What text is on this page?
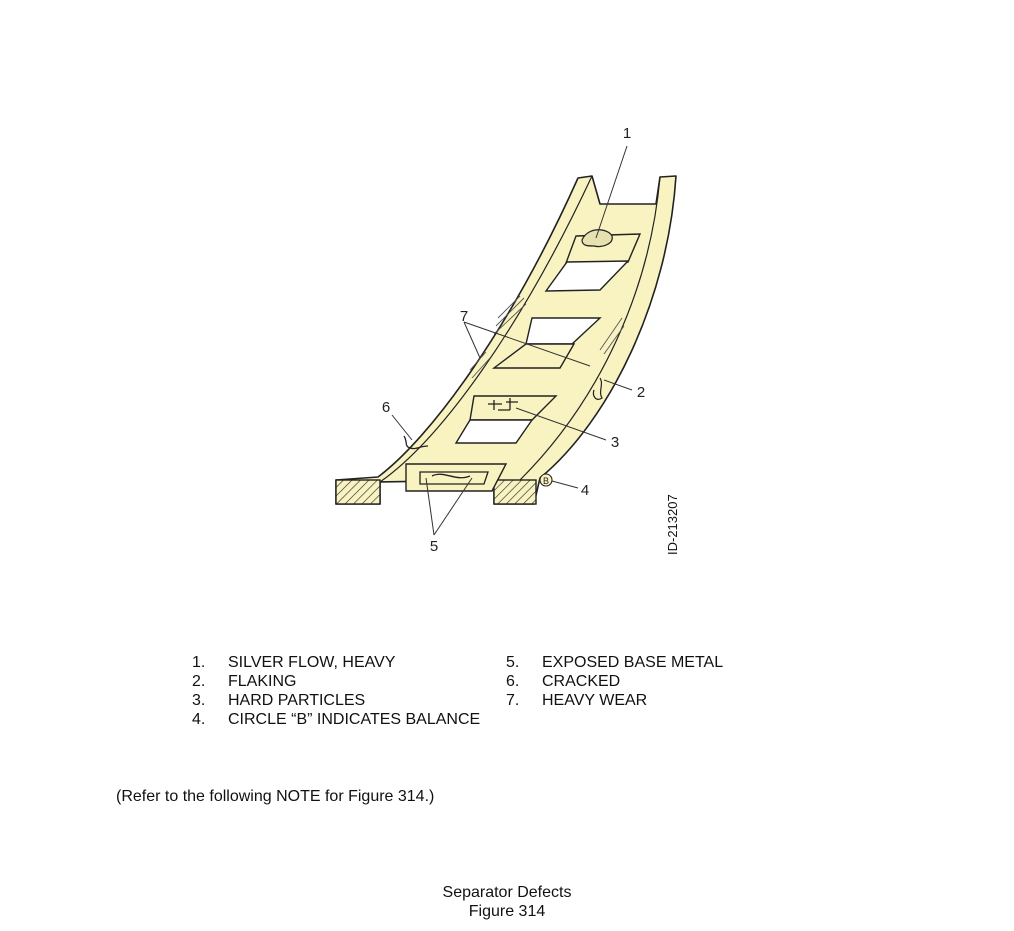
B
1
2
3
4
5
6
7
ID-213207
1.	SILVER FLOW, HEAVY
2.	FLAKING
3.	HARD PARTICLES
4.	CIRCLE “B” INDICATES BALANCE
5.	EXPOSED BASE METAL
6.	CRACKED
7.	HEAVY WEAR
(Refer to the following NOTE for Figure 314.)
Separator Defects
Figure 314
